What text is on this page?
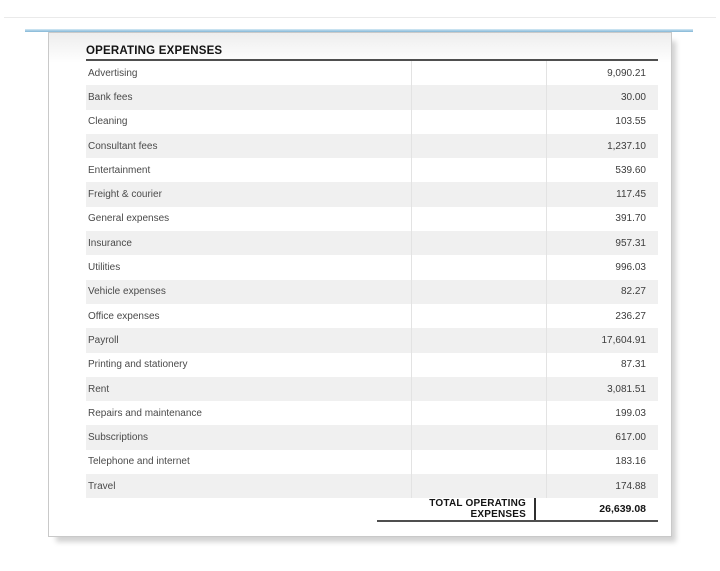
OPERATING EXPENSES
Advertising	9,090.21
Bank fees	30.00
Cleaning	103.55
Consultant fees	1,237.10
Entertainment	539.60
Freight & courier	117.45
General expenses	391.70
Insurance	957.31
Utilities	996.03
Vehicle expenses	82.27
Office expenses	236.27
Payroll	17,604.91
Printing and stationery	87.31
Rent	3,081.51
Repairs and maintenance	199.03
Subscriptions	617.00
Telephone and internet	183.16
Travel	174.88
TOTAL OPERATING EXPENSES	26,639.08
